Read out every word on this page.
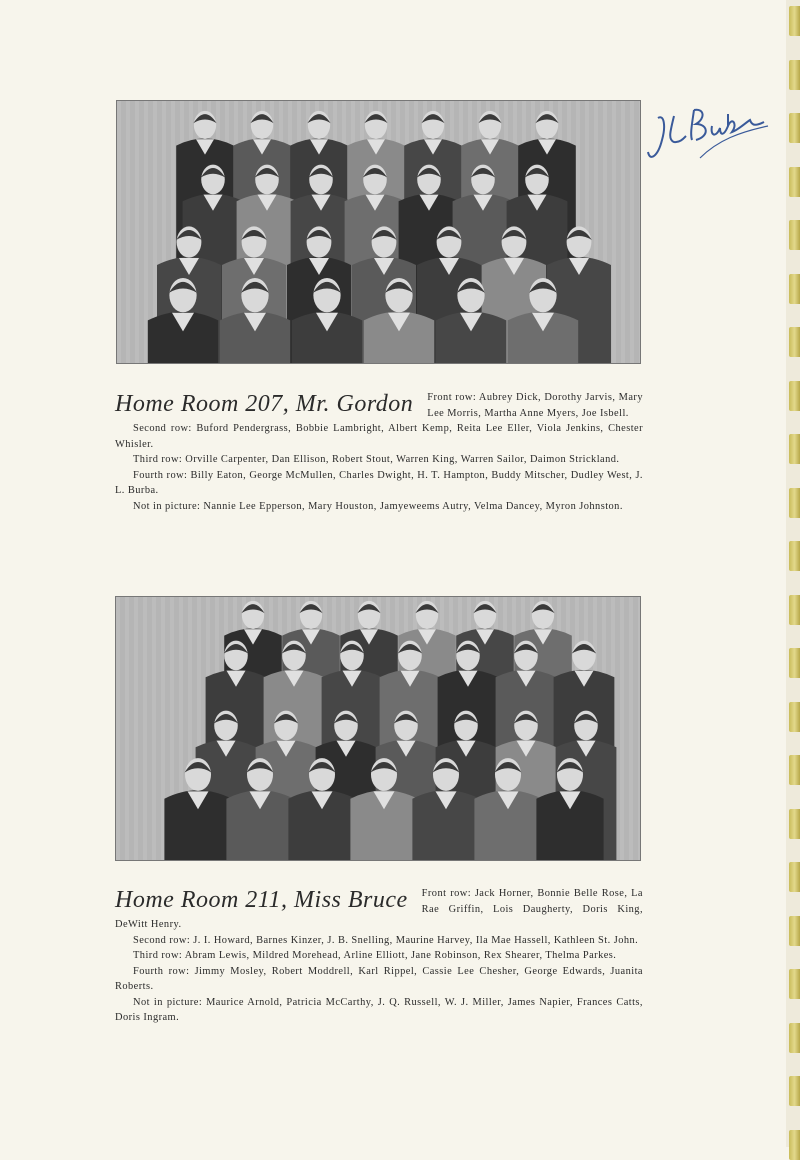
Home Room 207, Mr. Gordon	Front row: Aubrey Dick, Dorothy Jarvis, Mary Lee Morris, Martha Anne Myers, Joe Isbell.

Second row: Buford Pendergrass, Bobbie Lambright, Albert Kemp, Reita Lee Eller, Viola Jenkins, Chester Whisler.

Third row: Orville Carpenter, Dan Ellison, Robert Stout, Warren King, Warren Sailor, Daimon Strickland.

Fourth row: Billy Eaton, George McMullen, Charles Dwight, H. T. Hampton, Buddy Mitscher, Dudley West, J. L. Burba.

Not in picture: Nannie Lee Epperson, Mary Houston, Jamyeweems Autry, Velma Dancey, Myron Johnston.

Home Room 211, Miss Bruce	Front row: Jack Horner, Bonnie Belle Rose, La Rae Griffin, Lois Daugherty, Doris King, DeWitt Henry.

Second row: J. I. Howard, Barnes Kinzer, J. B. Snelling, Maurine Harvey, Ila Mae Hassell, Kathleen St. John.

Third row: Abram Lewis, Mildred Morehead, Arline Elliott, Jane Robinson, Rex Shearer, Thelma Parkes.

Fourth row: Jimmy Mosley, Robert Moddrell, Karl Rippel, Cassie Lee Chesher, George Edwards, Juanita Roberts.

Not in picture: Maurice Arnold, Patricia McCarthy, J. Q. Russell, W. J. Miller, James Napier, Frances Catts, Doris Ingram.
